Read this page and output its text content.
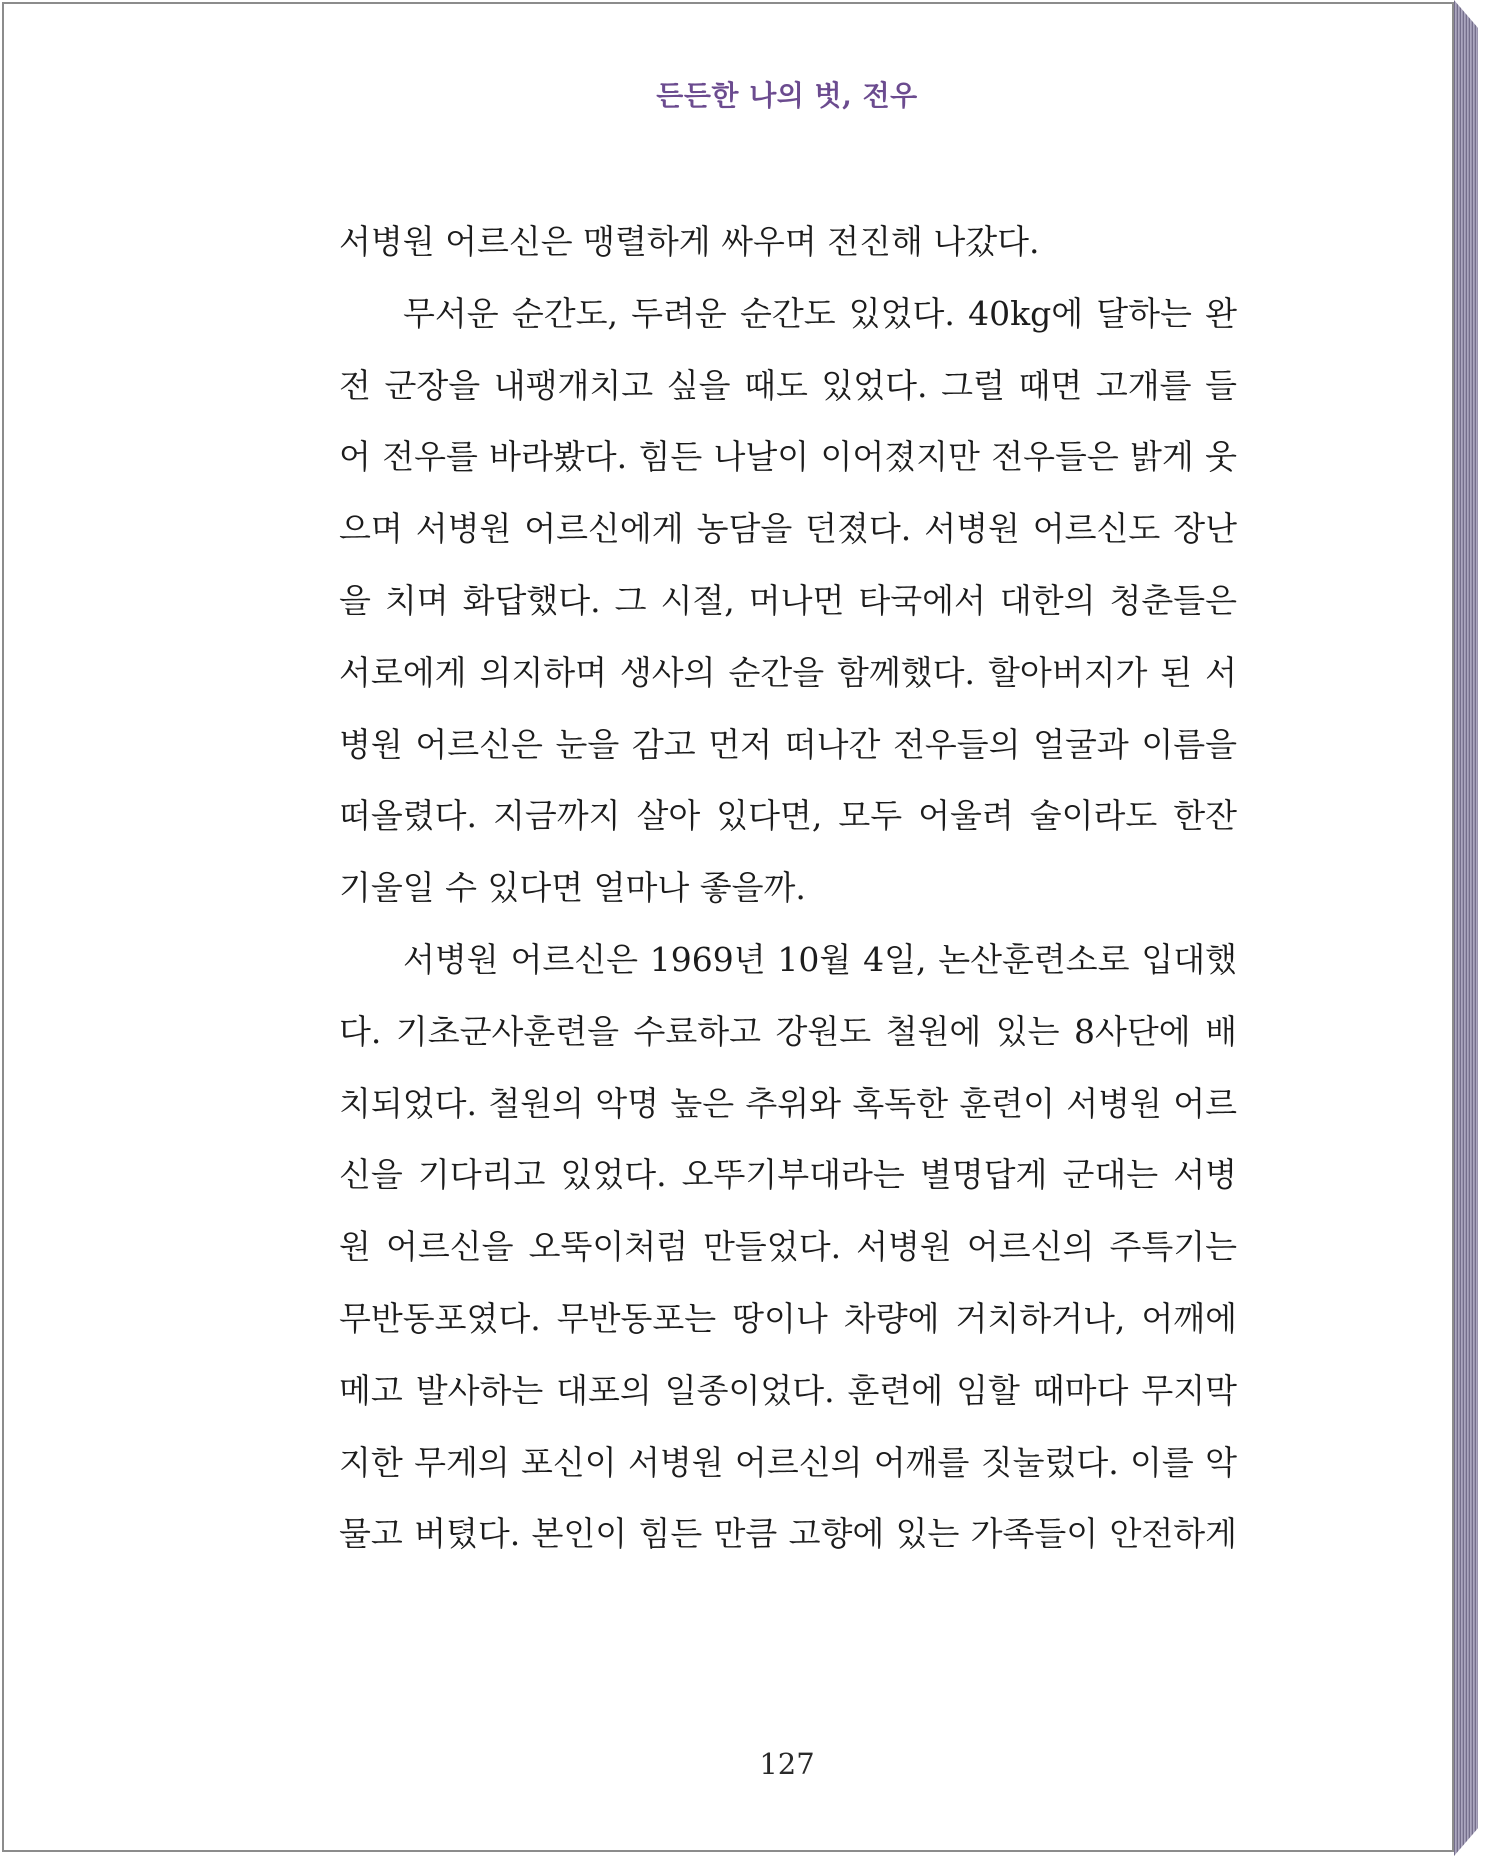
든든한 나의 벗, 전우
서병원 어르신은 맹렬하게 싸우며 전진해 나갔다.
무서운 순간도, 두려운 순간도 있었다. 40kg에 달하는 완
전 군장을 내팽개치고 싶을 때도 있었다. 그럴 때면 고개를 들
어 전우를 바라봤다. 힘든 나날이 이어졌지만 전우들은 밝게 웃
으며 서병원 어르신에게 농담을 던졌다. 서병원 어르신도 장난
을 치며 화답했다. 그 시절, 머나먼 타국에서 대한의 청춘들은
서로에게 의지하며 생사의 순간을 함께했다. 할아버지가 된 서
병원 어르신은 눈을 감고 먼저 떠나간 전우들의 얼굴과 이름을
떠올렸다. 지금까지 살아 있다면, 모두 어울려 술이라도 한잔
기울일 수 있다면 얼마나 좋을까.
서병원 어르신은 1969년 10월 4일, 논산훈련소로 입대했
다. 기초군사훈련을 수료하고 강원도 철원에 있는 8사단에 배
치되었다. 철원의 악명 높은 추위와 혹독한 훈련이 서병원 어르
신을 기다리고 있었다. 오뚜기부대라는 별명답게 군대는 서병
원 어르신을 오뚝이처럼 만들었다. 서병원 어르신의 주특기는
무반동포였다. 무반동포는 땅이나 차량에 거치하거나, 어깨에
메고 발사하는 대포의 일종이었다. 훈련에 임할 때마다 무지막
지한 무게의 포신이 서병원 어르신의 어깨를 짓눌렀다. 이를 악
물고 버텼다. 본인이 힘든 만큼 고향에 있는 가족들이 안전하게
127
